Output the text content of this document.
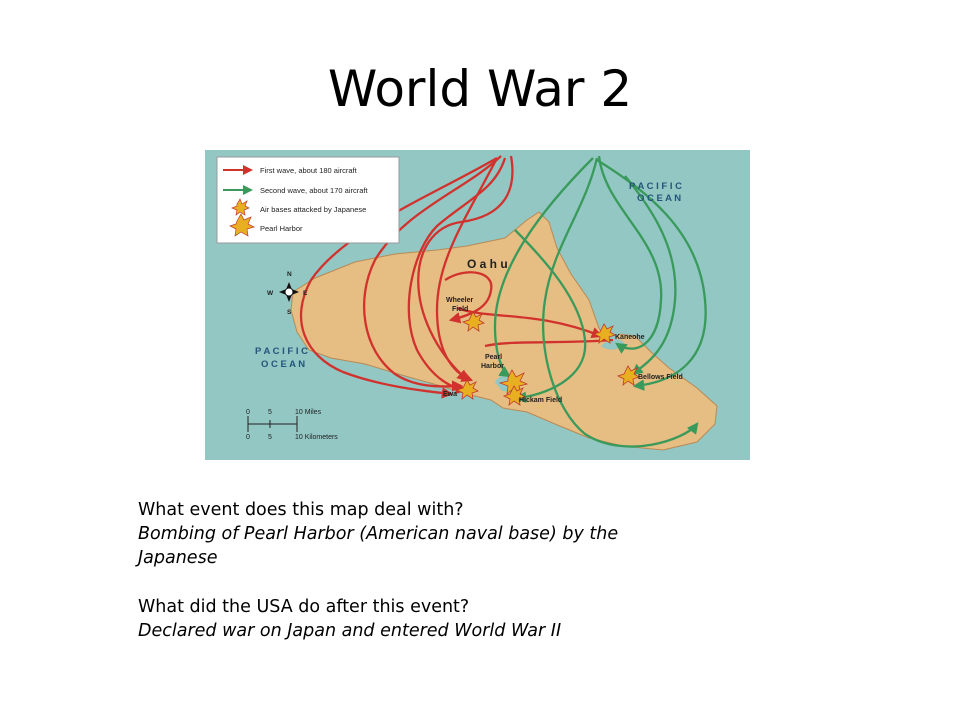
World War 2
First wave, about 180 aircraft
Second wave, about 170 aircraft
Air bases attacked by Japanese
Pearl Harbor
P A C I F I C
O C E A N
P A C I F I C
O C E A N
O a h u
Wheeler
Field
Pearl
Harbor
Ewa
Hickam Field
Kaneohe
Bellows Field
N
S
E
W
0	5	10 Miles
0	5	10 Kilometers

What event does this map deal with?

Bombing of Pearl Harbor (American naval base) by the

Japanese

What did the USA do after this event?

Declared war on Japan and entered World War II
